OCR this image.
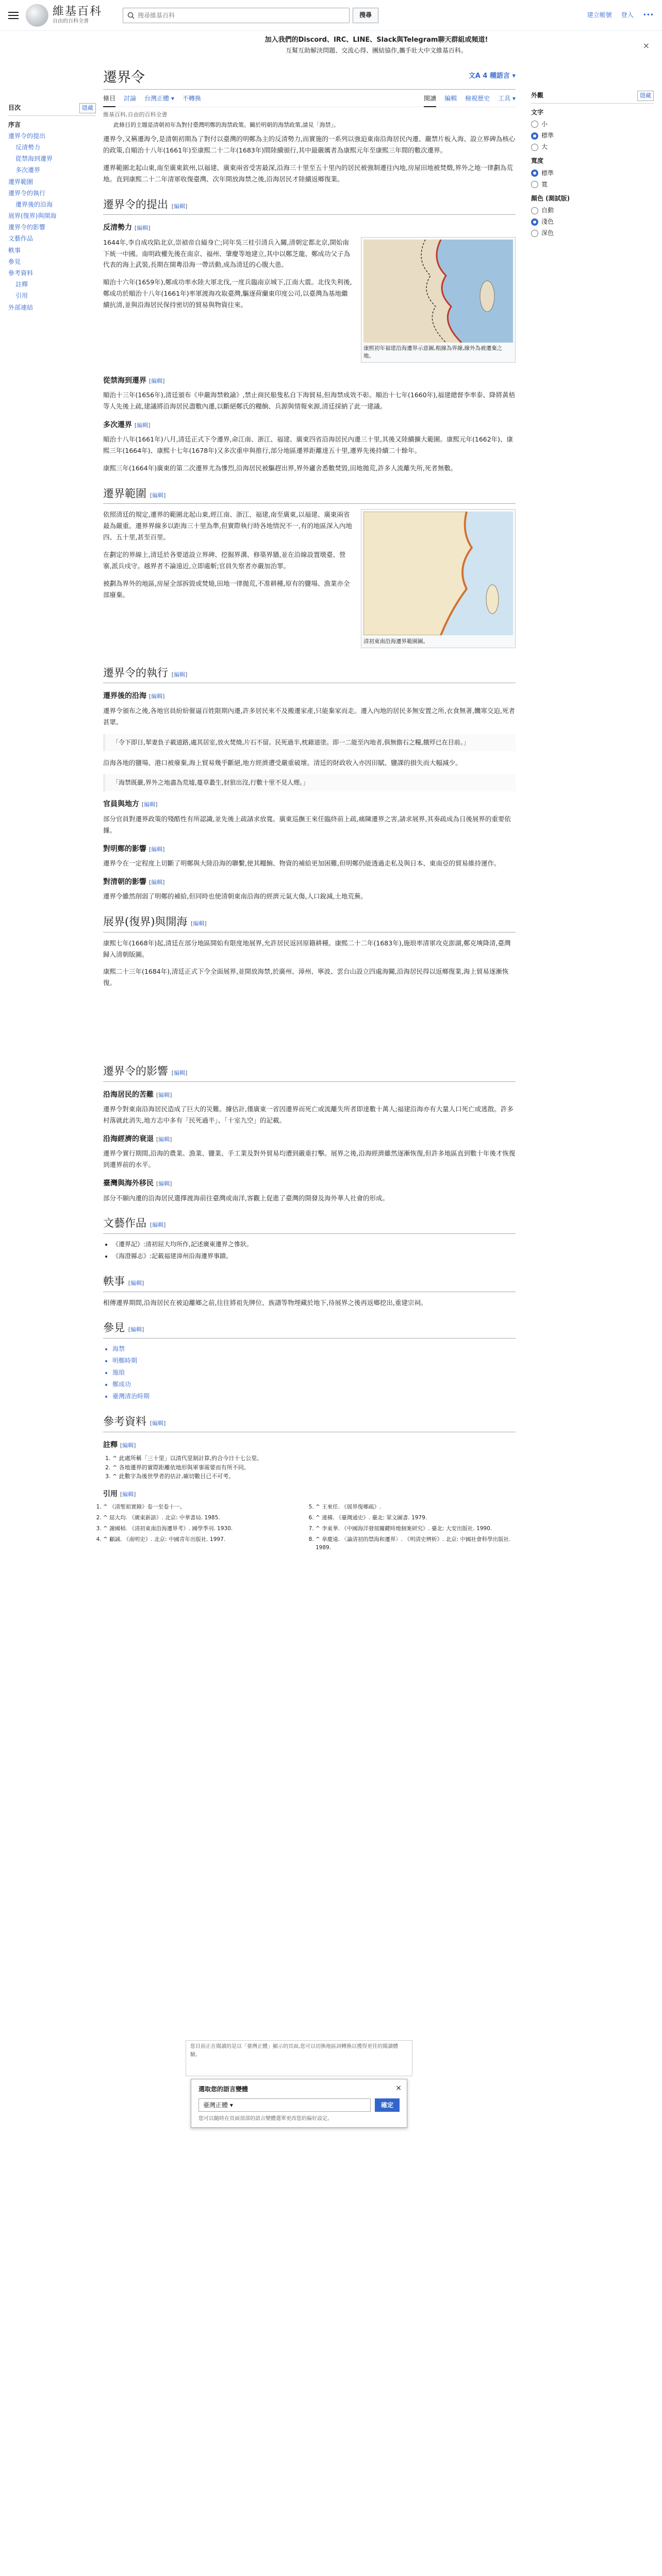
維基百科
自由的百科全書
搜尋維基百科
搜尋	建立帳號 登入 •••
加入我們的Discord、IRC、LINE、Slack與Telegram聊天群組或頻道!
互幫互助解決問題、交流心得、團結協作,攜手壯大中文維基百科。	×
目次	隱藏
序言
遷界令的提出
反清勢力
從禁海到遷界
多次遷界
遷界範圍
遷界令的執行
遷界後的沿海
展界(復界)與開海
遷界令的影響
文藝作品
軼事
參見
參考資料
註釋
引用
外部連結
外觀	隱藏
文字
小
標準
大
寬度
標準
寬
顏色 (測試版)
自動
淺色
深色
遷界令	文A 4 種語言 ▾
條目 討論 台灣正體 ▾ 不轉換	閱讀 編輯 檢視歷史 工具 ▾
維基百科,自由的百科全書
此條目的主題是清朝初年為對付臺灣明鄭的海禁政策。關於明朝的海禁政策,請見「海禁」。
遷界令,又稱遷海令,是清朝初期為了對付以臺灣的明鄭為主的反清勢力,而實施的一系列以強迫東南沿海居民內遷、嚴禁片板入海、設立界碑為核心的政策,自順治十八年(1661年)至康熙二十二年(1683年)間陸續頒行,其中最嚴厲者為康熙元年至康熙三年間的數次遷界。
遷界範圍北起山東,南至廣東欽州,以福建、廣東兩省受害最深,沿海三十里至五十里內的居民被強制遷往內地,房屋田地被焚燬,界外之地一律劃為荒地。直到康熙二十二年清軍收復臺灣、次年開放海禁之後,沿海居民才陸續返鄉復業。
遷界令的提出 [編輯]
反清勢力 [編輯]
康熙初年福建沿海遷界示意圖,粗線為界線,線外為被遷棄之地。
1644年,李自成攻陷北京,崇禎帝自縊身亡;同年吳三桂引清兵入關,清朝定都北京,開始南下統一中國。南明政權先後在南京、福州、肇慶等地建立,其中以鄭芝龍、鄭成功父子為代表的海上武裝,長期在閩粵沿海一帶活動,成為清廷的心腹大患。
順治十六年(1659年),鄭成功率水陸大軍北伐,一度兵臨南京城下,江南大震。北伐失利後,鄭成功於順治十八年(1661年)率軍渡海攻取臺灣,驅逐荷蘭東印度公司,以臺灣為基地繼續抗清,並與沿海居民保持密切的貿易與物資往來。
從禁海到遷界 [編輯]
順治十三年(1656年),清廷頒布《申嚴海禁敕諭》,禁止商民船隻私自下海貿易,但海禁成效不彰。順治十七年(1660年),福建總督李率泰、降將黃梧等人先後上疏,建議將沿海居民盡數內遷,以斷絕鄭氏的糧餉、兵源與情報來源,清廷採納了此一建議。
多次遷界 [編輯]
順治十八年(1661年)八月,清廷正式下令遷界,命江南、浙江、福建、廣東四省沿海居民內遷三十里,其後又陸續擴大範圍。康熙元年(1662年)、康熙三年(1664年)、康熙十七年(1678年)又多次重申與推行,部分地區遷界距離達五十里,遷界先後持續二十餘年。
康熙三年(1664年)廣東的第二次遷界尤為慘烈,沿海居民被驅趕出界,界外廬舍悉數焚毀,田地拋荒,許多人流離失所,死者無數。
遷界範圍 [編輯]
清初東南沿海遷界範圍圖。
依照清廷的規定,遷界的範圍北起山東,經江南、浙江、福建,南至廣東,以福建、廣東兩省最為嚴重。遷界界線多以距海三十里為準,但實際執行時各地情況不一,有的地區深入內地四、五十里,甚至百里。
在劃定的界線上,清廷於各要道設立界碑、挖掘界溝、修築界牆,並在沿線設置墩臺、營寨,派兵戍守。越界者不論遠近,立即處斬;官員失察者亦嚴加治罪。
被劃為界外的地區,房屋全部拆毀或焚燒,田地一律拋荒,不准耕種,原有的鹽場、漁業亦全部廢棄。
遷界令的執行 [編輯]
遷界後的沿海 [編輯]
遷界令頒布之後,各地官員紛紛催逼百姓限期內遷,許多居民來不及搬遷家產,只能棄家而走。遷入內地的居民多無安置之所,衣食無著,饑寒交迫,死者甚眾。
「令下即日,挈妻負子載道路,處其居室,放火焚燒,片石不留。民死過半,枕藉道塗。即一二能至內地者,俱無儋石之糧,餓殍已在目前。」
沿海各地的鹽場、港口被廢棄,海上貿易幾乎斷絕,地方經濟遭受嚴重破壞。清廷的財政收入亦因田賦、鹽課的損失而大幅減少。
「海禁既嚴,界外之地盡為荒墟,蔓草叢生,豺狼出沒,行數十里不見人煙。」
官員與地方 [編輯]
部分官員對遷界政策的殘酷性有所認識,並先後上疏請求放寬。廣東巡撫王來任臨終前上疏,痛陳遷界之害,請求展界,其奏疏成為日後展界的重要依據。
對明鄭的影響 [編輯]
遷界令在一定程度上切斷了明鄭與大陸沿海的聯繫,使其糧餉、物資的補給更加困難,但明鄭仍能透過走私及與日本、東南亞的貿易維持運作。
對清朝的影響 [編輯]
遷界令雖然削弱了明鄭的補給,但同時也使清朝東南沿海的經濟元氣大傷,人口銳減,土地荒蕪。
展界(復界)與開海 [編輯]
康熙七年(1668年)起,清廷在部分地區開始有限度地展界,允許居民返回原籍耕種。康熙二十二年(1683年),施琅率清軍攻克澎湖,鄭克塽降清,臺灣歸入清朝版圖。
康熙二十三年(1684年),清廷正式下令全面展界,並開放海禁,於廣州、漳州、寧波、雲台山設立四處海關,沿海居民得以返鄉復業,海上貿易逐漸恢復。
遷界令的影響 [編輯]
沿海居民的苦難 [編輯]
遷界令對東南沿海居民造成了巨大的災難。據估計,僅廣東一省因遷界而死亡或流離失所者即達數十萬人;福建沿海亦有大量人口死亡或逃散。許多村落就此消失,地方志中多有「民死過半」、「十室九空」的記載。
沿海經濟的衰退 [編輯]
遷界令實行期間,沿海的農業、漁業、鹽業、手工業及對外貿易均遭到嚴重打擊。展界之後,沿海經濟雖然逐漸恢復,但許多地區直到數十年後才恢復到遷界前的水平。
臺灣與海外移民 [編輯]
部分不願內遷的沿海居民選擇渡海前往臺灣或南洋,客觀上促進了臺灣的開發及海外華人社會的形成。
文藝作品 [編輯]
• 《遷界記》:清初屈大均所作,記述廣東遷界之慘狀。
• 《海澄縣志》:記載福建漳州沿海遷界事蹟。
軼事 [編輯]
相傳遷界期間,沿海居民在被迫離鄉之前,往往將祖先牌位、族譜等物埋藏於地下,待展界之後再返鄉挖出,重建宗祠。
參見 [編輯]
• 海禁
• 明鄭時期
• 施琅
• 鄭成功
• 臺灣清治時期
參考資料 [編輯]
註釋 [編輯]
1. ^ 此處所稱「三十里」以清代里制計算,約合今日十七公里。
2. ^ 各地遷界的實際距離依地形與軍事需要而有所不同。
3. ^ 此數字為後世學者的估計,確切數目已不可考。
引用 [編輯]
1. ^ 《清聖祖實錄》卷一至卷十一。
2. ^ 屈大均. 《廣東新語》. 北京: 中華書局. 1985.
3. ^ 謝國楨. 《清初東南沿海遷界考》. 國學季刊. 1930.
4. ^ 顧誠. 《南明史》. 北京: 中國青年出版社. 1997.
5. ^ 王來任. 《展界復鄉疏》.
6. ^ 連橫. 《臺灣通史》. 臺北: 眾文圖書. 1979.
7. ^ 李東華. 《中國海洋發展關鍵時地個案研究》. 臺北: 大安出版社. 1990.
8. ^ 韋慶遠. 〈論清初的禁海和遷界〉. 《明清史辨析》. 北京: 中國社會科學出版社. 1989.
您目前正在閱讀的是以「臺灣正體」顯示的頁面,您可以切換地區詞轉換以獲得更佳的閱讀體驗。
×
選取您的語言變體
臺灣正體 ▾	確定
您可以隨時在頁面頂部的語言變體選單更改您的偏好設定。
